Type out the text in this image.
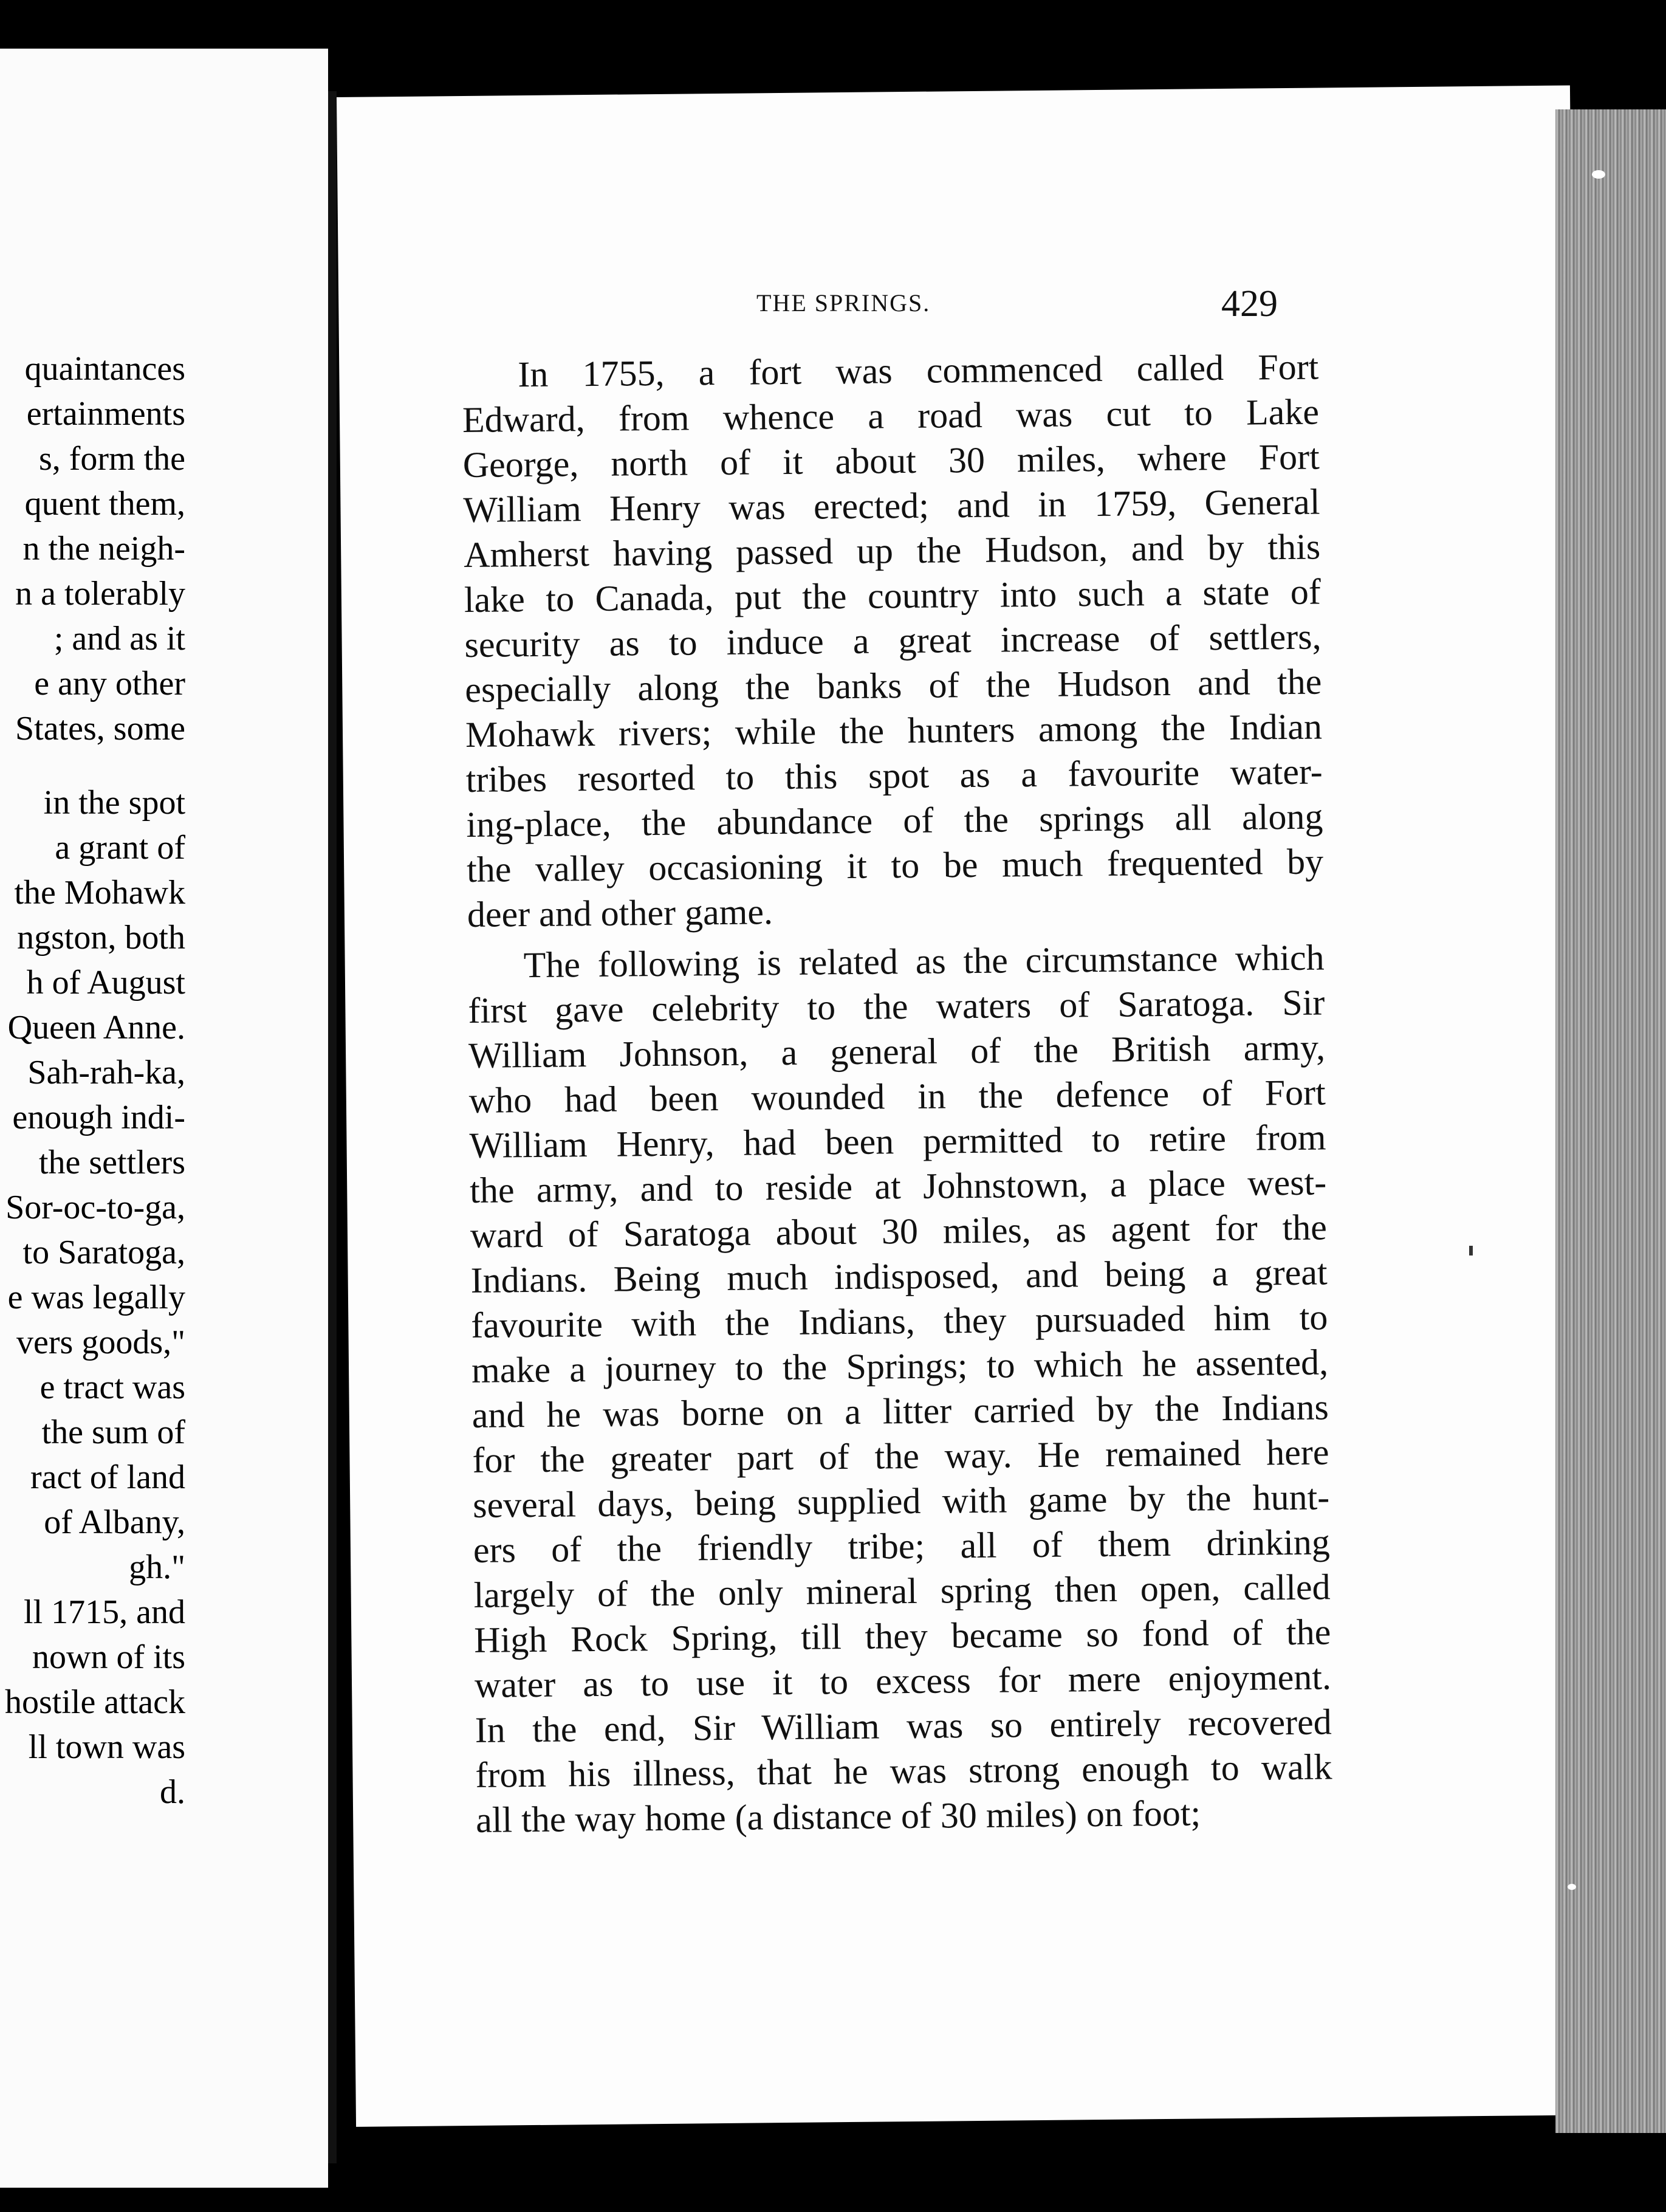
quaintances
ertainments
s, form the
quent them,
n the neigh-
n a tolerably
; and as it
e any other
States, some
in the spot
a grant of
the Mohawk
ngston, both
h of August
Queen Anne.
Sah-rah-ka,
enough indi-
the settlers
Sor-oc-to-ga,
to Saratoga,
e was legally
vers goods,"
e tract was
the sum of
ract of land
of Albany,
gh."
ll 1715, and
nown of its
hostile attack
ll town was
d.
THE SPRINGS.	429
In 1755, a fort was commenced called Fort
Edward, from whence a road was cut to Lake
George, north of it about 30 miles, where Fort
William Henry was erected; and in 1759, General
Amherst having passed up the Hudson, and by this
lake to Canada, put the country into such a state of
security as to induce a great increase of settlers,
especially along the banks of the Hudson and the
Mohawk rivers; while the hunters among the Indian
tribes resorted to this spot as a favourite water-
ing-place, the abundance of the springs all along
the valley occasioning it to be much frequented by
deer and other game.
The following is related as the circumstance which
first gave celebrity to the waters of Saratoga. Sir
William Johnson, a general of the British army,
who had been wounded in the defence of Fort
William Henry, had been permitted to retire from
the army, and to reside at Johnstown, a place west-
ward of Saratoga about 30 miles, as agent for the
Indians. Being much indisposed, and being a great
favourite with the Indians, they pursuaded him to
make a journey to the Springs; to which he assented,
and he was borne on a litter carried by the Indians
for the greater part of the way. He remained here
several days, being supplied with game by the hunt-
ers of the friendly tribe; all of them drinking
largely of the only mineral spring then open, called
High Rock Spring, till they became so fond of the
water as to use it to excess for mere enjoyment.
In the end, Sir William was so entirely recovered
from his illness, that he was strong enough to walk
all the way home (a distance of 30 miles) on foot;
